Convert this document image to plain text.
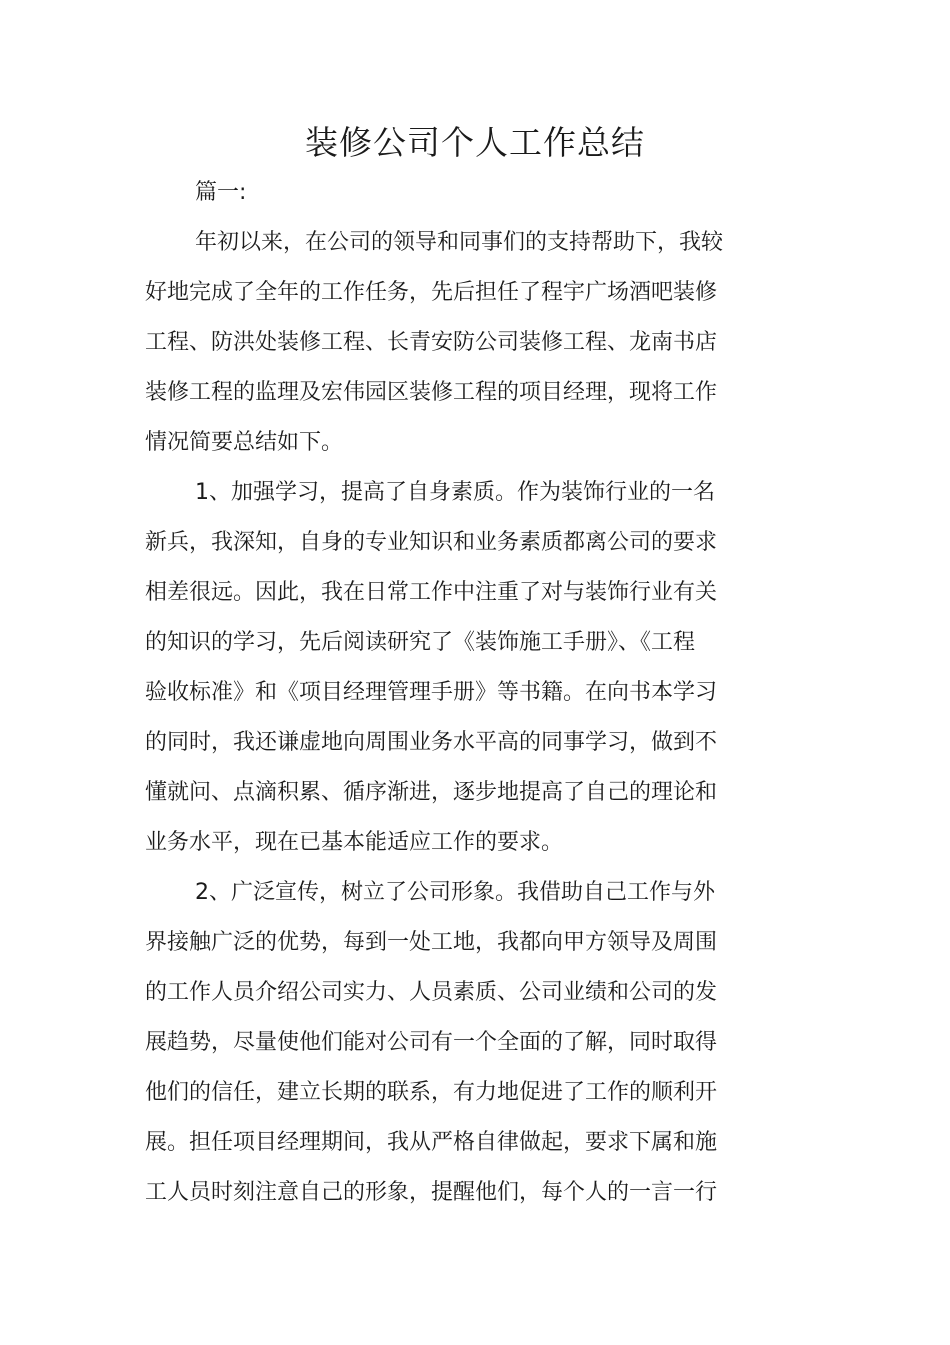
装修公司个人工作总结

篇一:

年初以来，在公司的领导和同事们的支持帮助下，我较
好地完成了全年的工作任务，先后担任了程宇广场酒吧装修
工程、防洪处装修工程、长青安防公司装修工程、龙南书店
装修工程的监理及宏伟园区装修工程的项目经理，现将工作
情况简要总结如下。

1、加强学习，提高了自身素质。作为装饰行业的一名
新兵，我深知，自身的专业知识和业务素质都离公司的要求
相差很远。因此，我在日常工作中注重了对与装饰行业有关
的知识的学习，先后阅读研究了《装饰施工手册》、《工程
验收标准》和《项目经理管理手册》等书籍。在向书本学习
的同时，我还谦虚地向周围业务水平高的同事学习，做到不
懂就问、点滴积累、循序渐进，逐步地提高了自己的理论和
业务水平，现在已基本能适应工作的要求。

2、广泛宣传，树立了公司形象。我借助自己工作与外
界接触广泛的优势，每到一处工地，我都向甲方领导及周围
的工作人员介绍公司实力、人员素质、公司业绩和公司的发
展趋势，尽量使他们能对公司有一个全面的了解，同时取得
他们的信任，建立长期的联系，有力地促进了工作的顺利开
展。担任项目经理期间，我从严格自律做起，要求下属和施
工人员时刻注意自己的形象，提醒他们，每个人的一言一行
